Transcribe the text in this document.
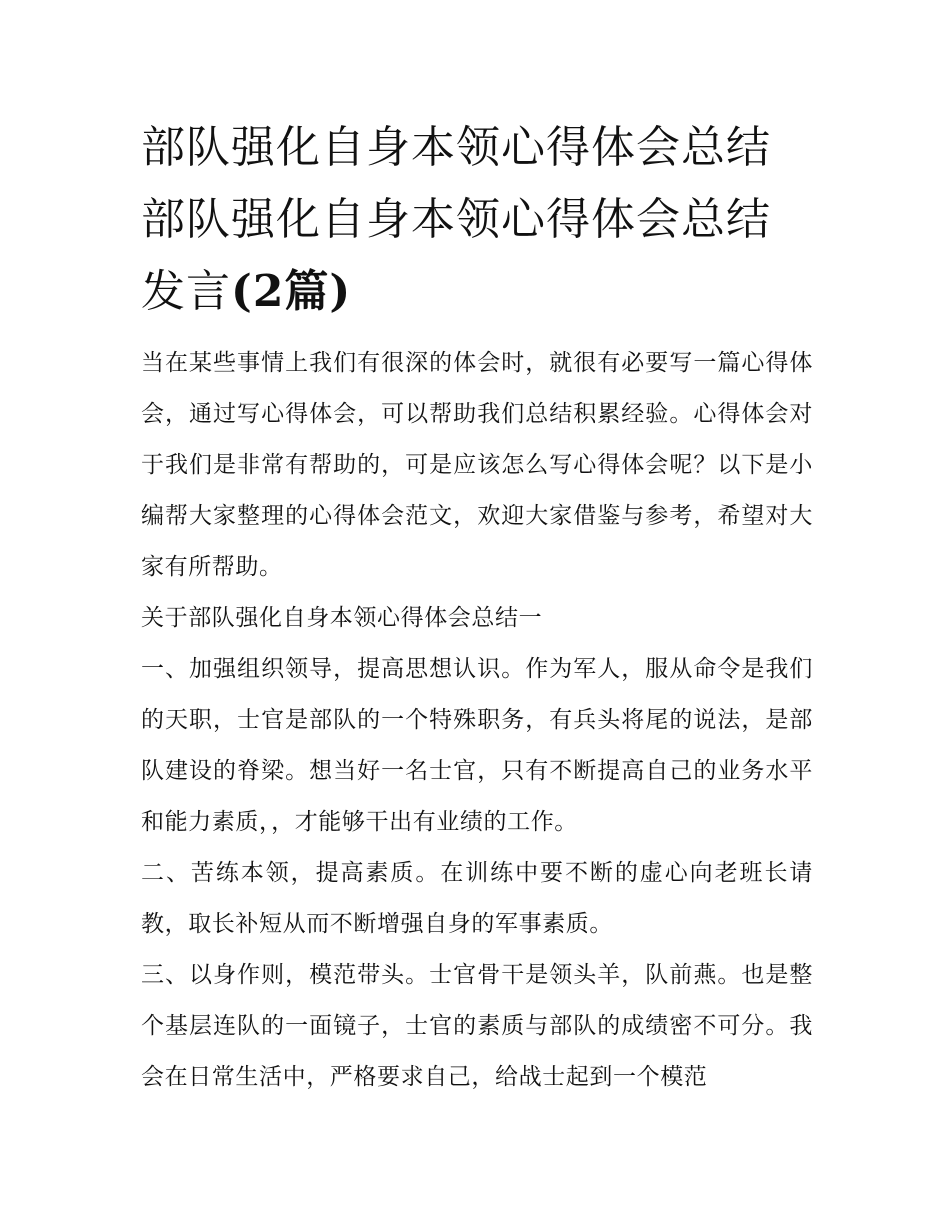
部队强化自身本领心得体会总结 部队强化自身本领心得体会总结发言(2篇)

当在某些事情上我们有很深的体会时，就很有必要写一篇心得体会，通过写心得体会，可以帮助我们总结积累经验。心得体会对于我们是非常有帮助的，可是应该怎么写心得体会呢？以下是小编帮大家整理的心得体会范文，欢迎大家借鉴与参考，希望对大家有所帮助。

关于部队强化自身本领心得体会总结一

一、加强组织领导，提高思想认识。作为军人，服从命令是我们的天职，士官是部队的一个特殊职务，有兵头将尾的说法，是部队建设的脊梁。想当好一名士官，只有不断提高自己的业务水平和能力素质，，才能够干出有业绩的工作。

二、苦练本领，提高素质。在训练中要不断的虚心向老班长请教，取长补短从而不断增强自身的军事素质。

三、以身作则，模范带头。士官骨干是领头羊，队前燕。也是整个基层连队的一面镜子，士官的素质与部队的成绩密不可分。我会在日常生活中，严格要求自己，给战士起到一个模范
